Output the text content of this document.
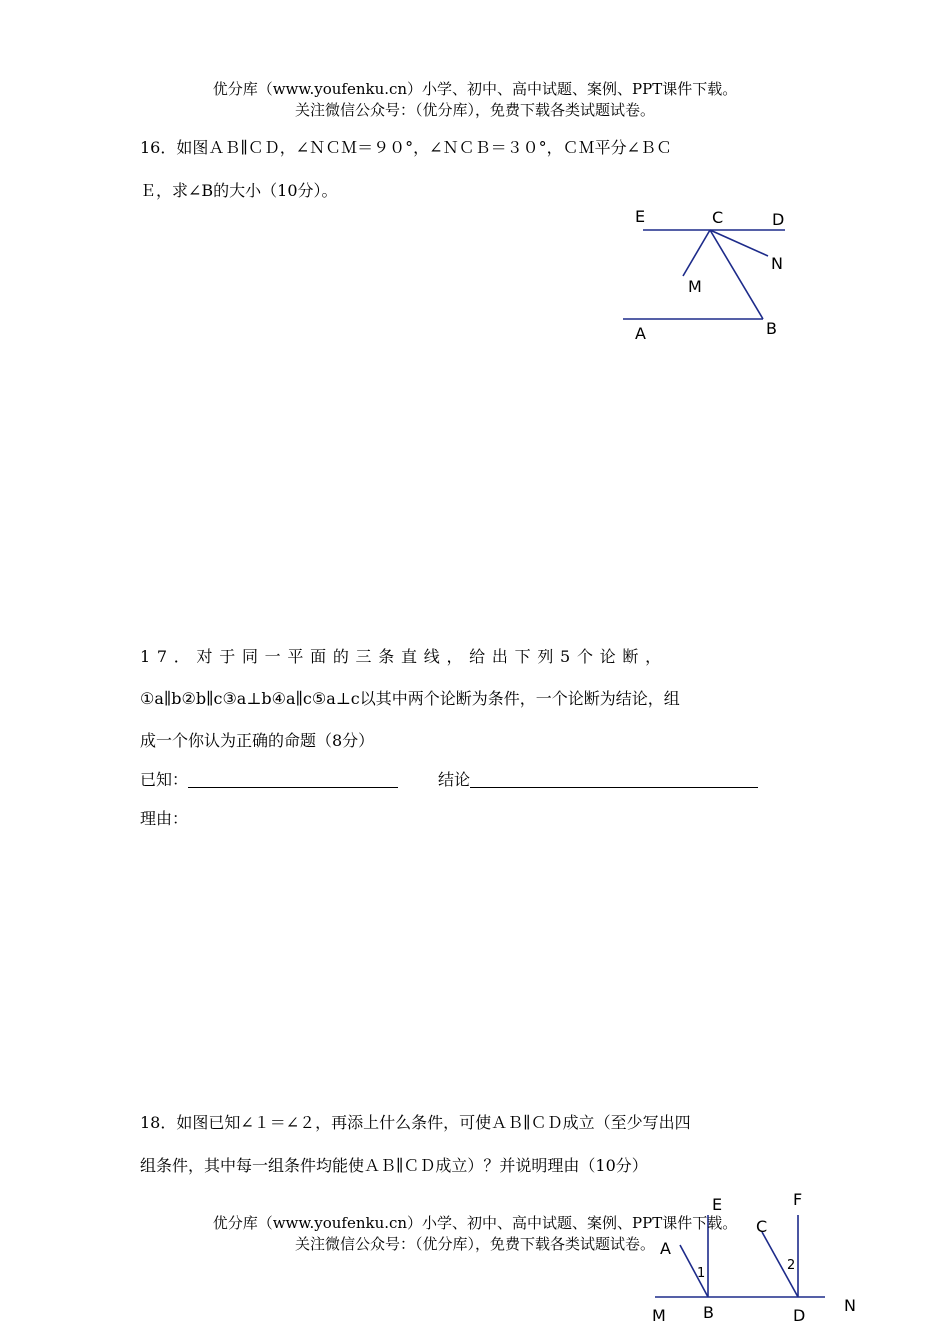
优分库（www.youfenku.cn）小学、初中、高中试题、案例、PPT课件下载。
关注微信公众号：（优分库），免费下载各类试题试卷。
16．如图ＡＢ∥ＣＤ，∠ＮＣＭ＝９０°，∠ＮＣＢ＝３０°，ＣＭ平分∠ＢＣ
Ｅ，求∠B的大小（10分）。
E	C	D
N
M
A	B
17．对于同一平面的三条直线，给出下列5个论断，
①a∥b②b∥c③a⊥b④a∥c⑤a⊥c以其中两个论断为条件，一个论断为结论，组
成一个你认为正确的命题（8分）
已知：	结论
理由：
18．如图已知∠１＝∠２，再添上什么条件，可使ＡＢ∥ＣＤ成立（至少写出四
组条件，其中每一组条件均能使ＡＢ∥ＣＤ成立）？并说明理由（10分）
E	F
A
C
1
2
M B	D
N
优分库（www.youfenku.cn）小学、初中、高中试题、案例、PPT课件下载。
关注微信公众号：（优分库），免费下载各类试题试卷。
